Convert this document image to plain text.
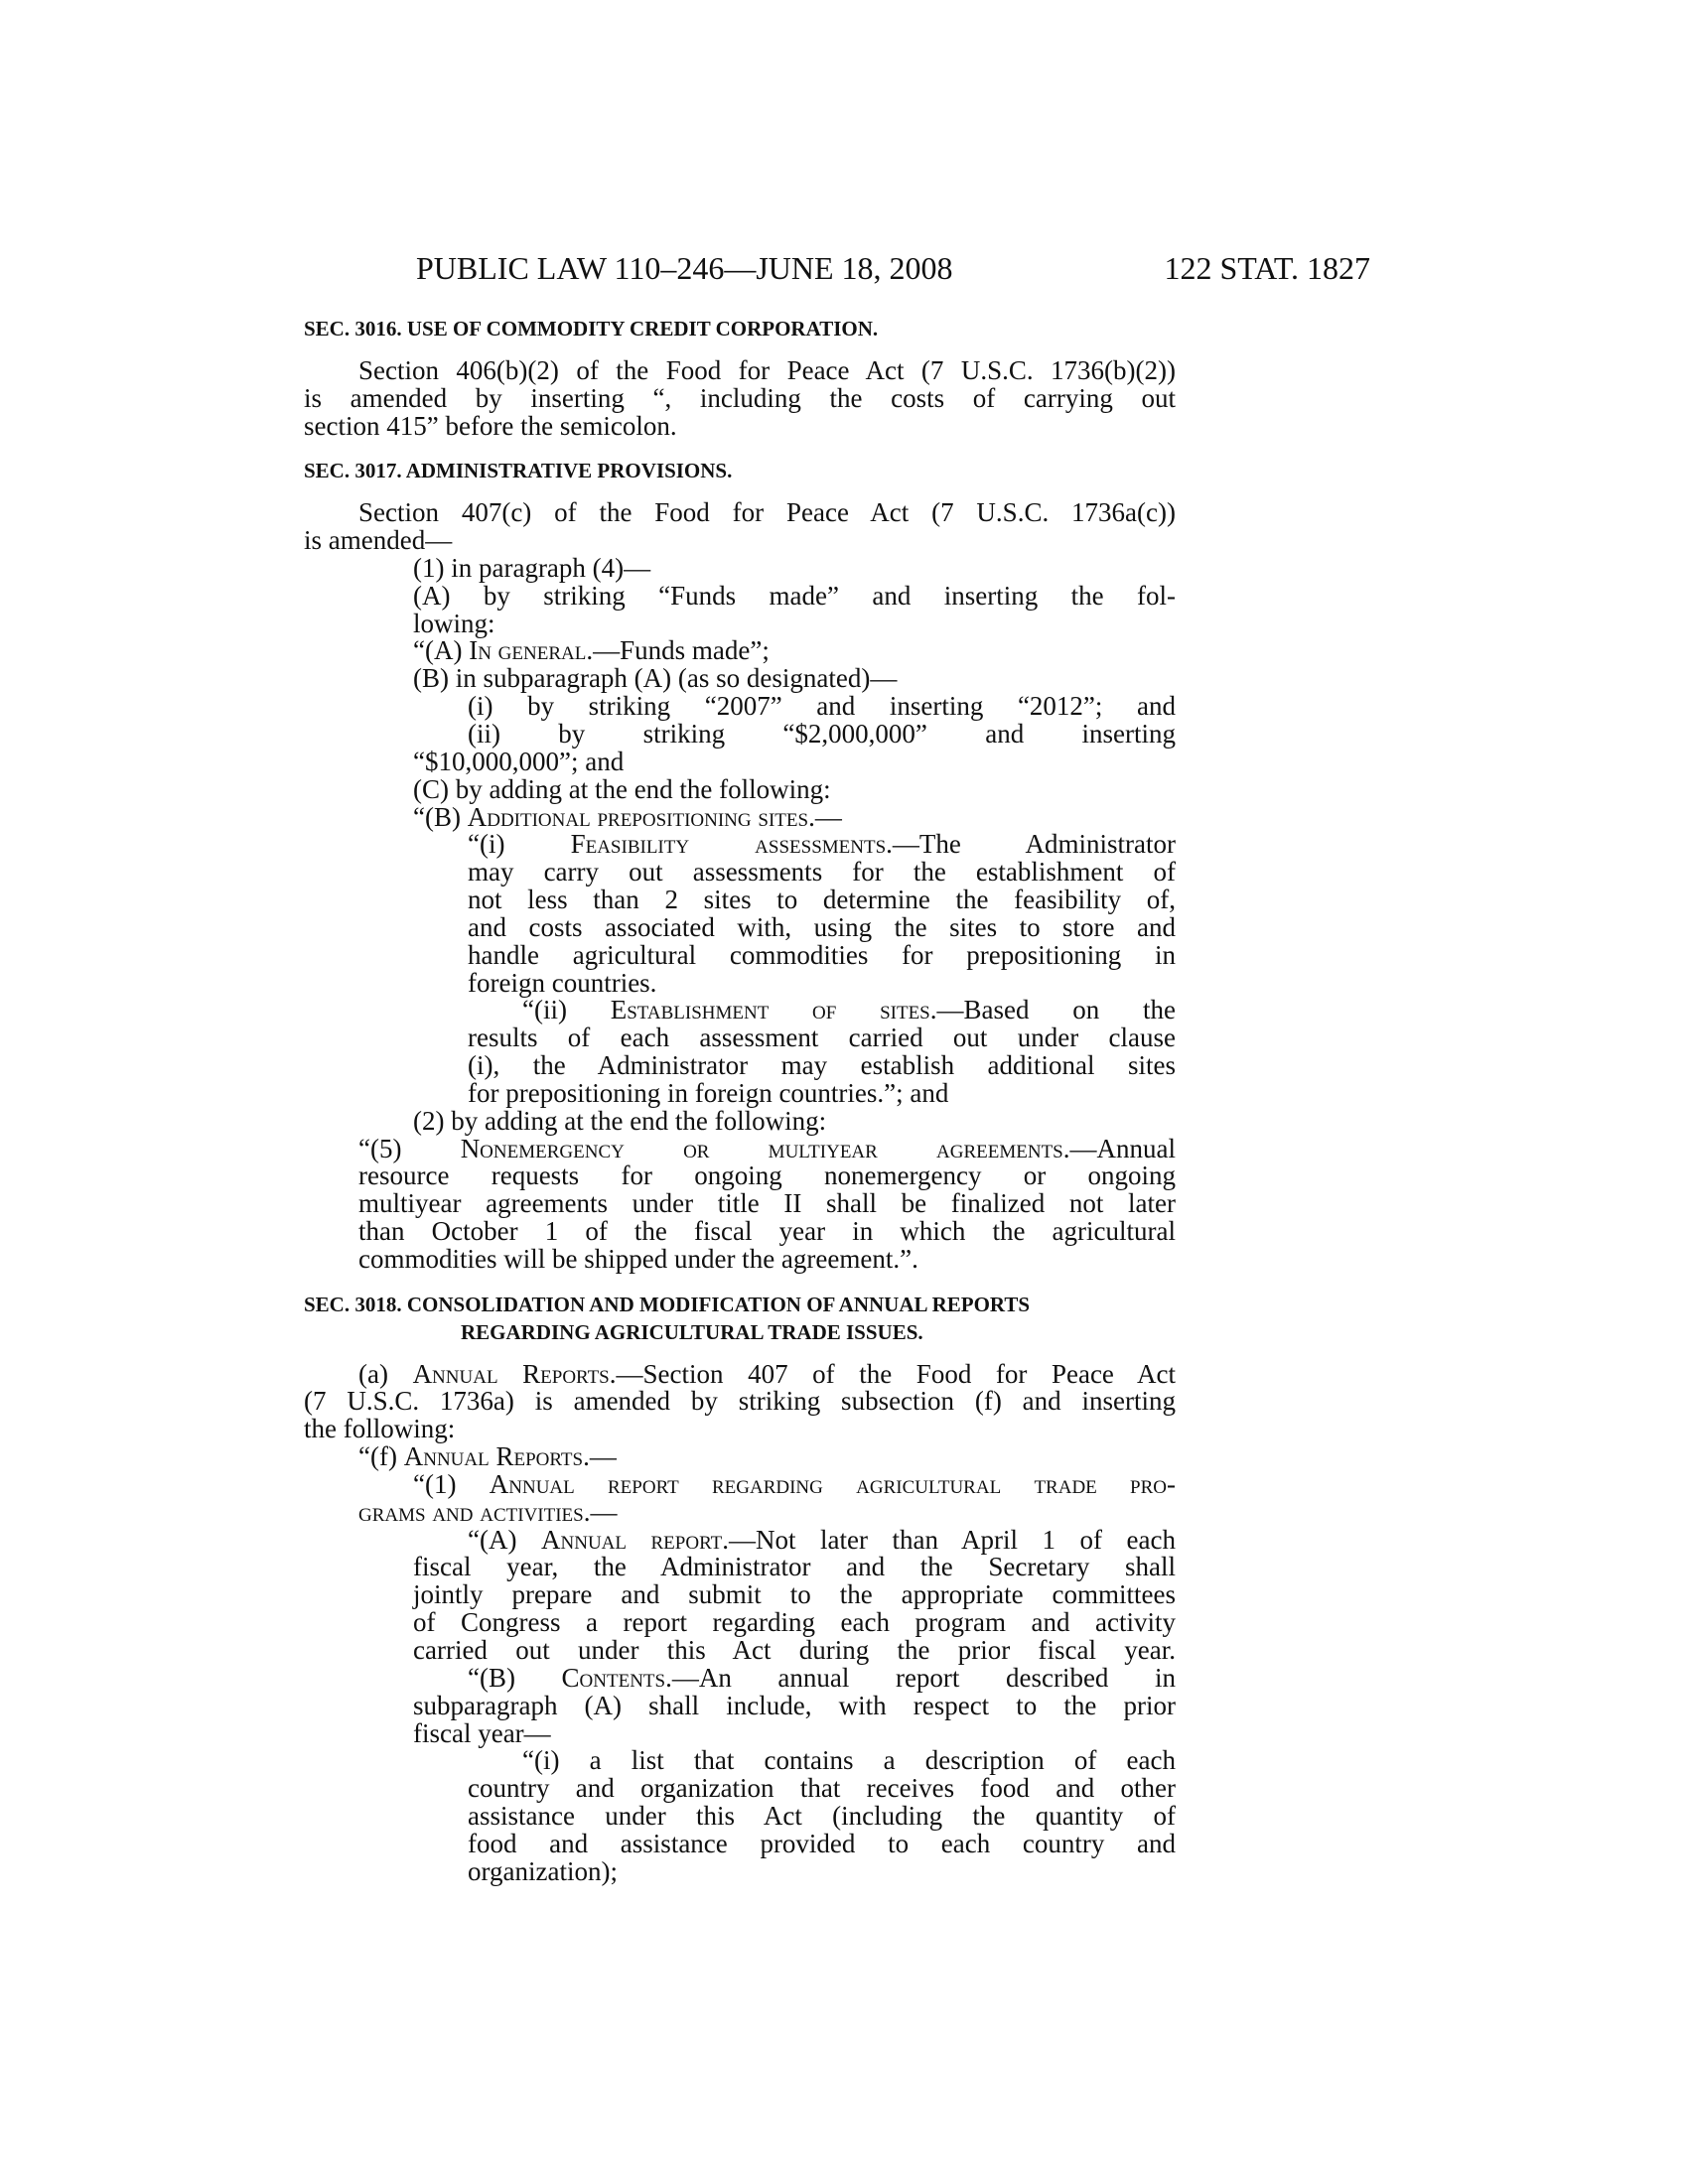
PUBLIC LAW 110–246—JUNE 18, 2008	122 STAT. 1827
SEC. 3016. USE OF COMMODITY CREDIT CORPORATION.
Section 406(b)(2) of the Food for Peace Act (7 U.S.C. 1736(b)(2))
is amended by inserting “, including the costs of carrying out
section 415” before the semicolon.
SEC. 3017. ADMINISTRATIVE PROVISIONS.
Section 407(c) of the Food for Peace Act (7 U.S.C. 1736a(c))
is amended—
(1) in paragraph (4)—
(A) by striking “Funds made” and inserting the fol-
lowing:
“(A) In general.—Funds made”;
(B) in subparagraph (A) (as so designated)—
(i) by striking “2007” and inserting “2012”; and
(ii) by striking “$2,000,000” and inserting
“$10,000,000”; and
(C) by adding at the end the following:
“(B) Additional prepositioning sites.—
“(i) Feasibility assessments.—The Administrator
may carry out assessments for the establishment of
not less than 2 sites to determine the feasibility of,
and costs associated with, using the sites to store and
handle agricultural commodities for prepositioning in
foreign countries.
“(ii) Establishment of sites.—Based on the
results of each assessment carried out under clause
(i), the Administrator may establish additional sites
for prepositioning in foreign countries.”; and
(2) by adding at the end the following:
“(5) Nonemergency or multiyear agreements.—Annual
resource requests for ongoing nonemergency or ongoing
multiyear agreements under title II shall be finalized not later
than October 1 of the fiscal year in which the agricultural
commodities will be shipped under the agreement.”.
SEC. 3018. CONSOLIDATION AND MODIFICATION OF ANNUAL REPORTS
REGARDING AGRICULTURAL TRADE ISSUES.
(a) Annual Reports.—Section 407 of the Food for Peace Act
(7 U.S.C. 1736a) is amended by striking subsection (f) and inserting
the following:
“(f) Annual Reports.—
“(1) Annual report regarding agricultural trade pro-
grams and activities.—
“(A) Annual report.—Not later than April 1 of each
fiscal year, the Administrator and the Secretary shall
jointly prepare and submit to the appropriate committees
of Congress a report regarding each program and activity
carried out under this Act during the prior fiscal year.
“(B) Contents.—An annual report described in
subparagraph (A) shall include, with respect to the prior
fiscal year—
“(i) a list that contains a description of each
country and organization that receives food and other
assistance under this Act (including the quantity of
food and assistance provided to each country and
organization);
